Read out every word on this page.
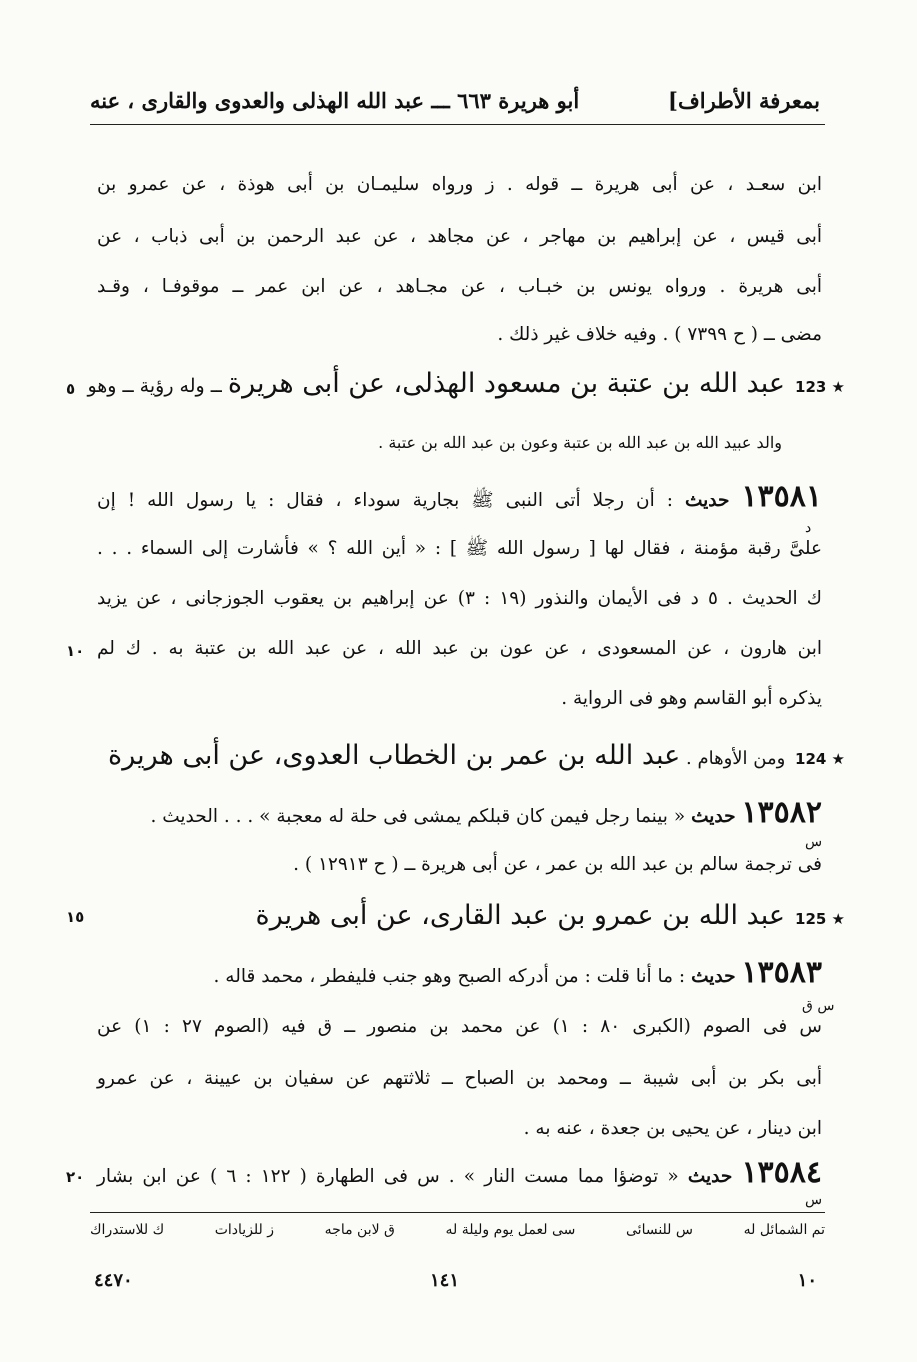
بمعرفة الأطراف]
أبو هريرة ٦٦٣ ـــ عبد الله الهذلى والعدوى والقارى ، عنه
ابن سعـد ، عن أبى هريرة ــ قوله . ز ورواه سليمـان بن أبى هوذة ، عن عمرو بن
أبى قيس ، عن إبراهيم بن مهاجر ، عن مجاهد ، عن عبد الرحمن بن أبى ذباب ، عن
أبى هريرة . ورواه يونس بن خبـاب ، عن مجـاهد ، عن ابن عمر ــ موقوفـا ، وقـد
مضى ــ ( ح ٧٣٩٩ ) . وفيه خلاف غير ذلك .
123 ★ عبد الله بن عتبة بن مسعود الهذلى، عن أبى هريرة ــ وله رؤية ــ وهو
والد عبيد الله بن عبد الله بن عتبة وعون بن عبد الله بن عتبة .
١٣٥٨١ حديث : أن رجلا أتى النبى ﷺ بجارية سوداء ، فقال : يا رسول الله ! إن
د
علىَّ رقبة مؤمنة ، فقال لها [ رسول الله ﷺ ] : « أين الله ؟ » فأشارت إلى السماء . . .
ك الحديث . ٥ د فى الأيمان والنذور (١٩ : ٣) عن إبراهيم بن يعقوب الجوزجانى ، عن يزيد
ابن هارون ، عن المسعودى ، عن عون بن عبد الله ، عن عبد الله بن عتبة به . ك لم
يذكره أبو القاسم وهو فى الرواية .
124 ★ ومن الأوهام . عبد الله بن عمر بن الخطاب العدوى، عن أبى هريرة
١٣٥٨٢ حديث « بينما رجل فيمن كان قبلكم يمشى فى حلة له معجبة » . . . الحديث .
س
فى ترجمة سالم بن عبد الله بن عمر ، عن أبى هريرة ــ ( ح ١٢٩١٣ ) .
125 ★ عبد الله بن عمرو بن عبد القارى، عن أبى هريرة
١٣٥٨٣ حديث : ما أنا قلت : من أدركه الصبح وهو جنب فليفطر ، محمد قاله .
س ق
س فى الصوم (الكبرى ٨٠ : ١) عن محمد بن منصور ــ ق فيه (الصوم ٢٧ : ١) عن
أبى بكر بن أبى شيبة ــ ومحمد بن الصباح ــ ثلاثتهم عن سفيان بن عيينة ، عن عمرو
ابن دينار ، عن يحيى بن جعدة ، عنه به .
١٣٥٨٤ حديث « توضؤا مما مست النار » . س فى الطهارة ( ١٢٢ : ٦ ) عن ابن بشار
س
٥
١٠
١٥
٢٠
تم الشمائل له
س للنسائى
سى لعمل يوم وليلة له
ق لابن ماجه
ز للزيادات
ك للاستدراك
١٠
١٤١
٤٤٧٠
